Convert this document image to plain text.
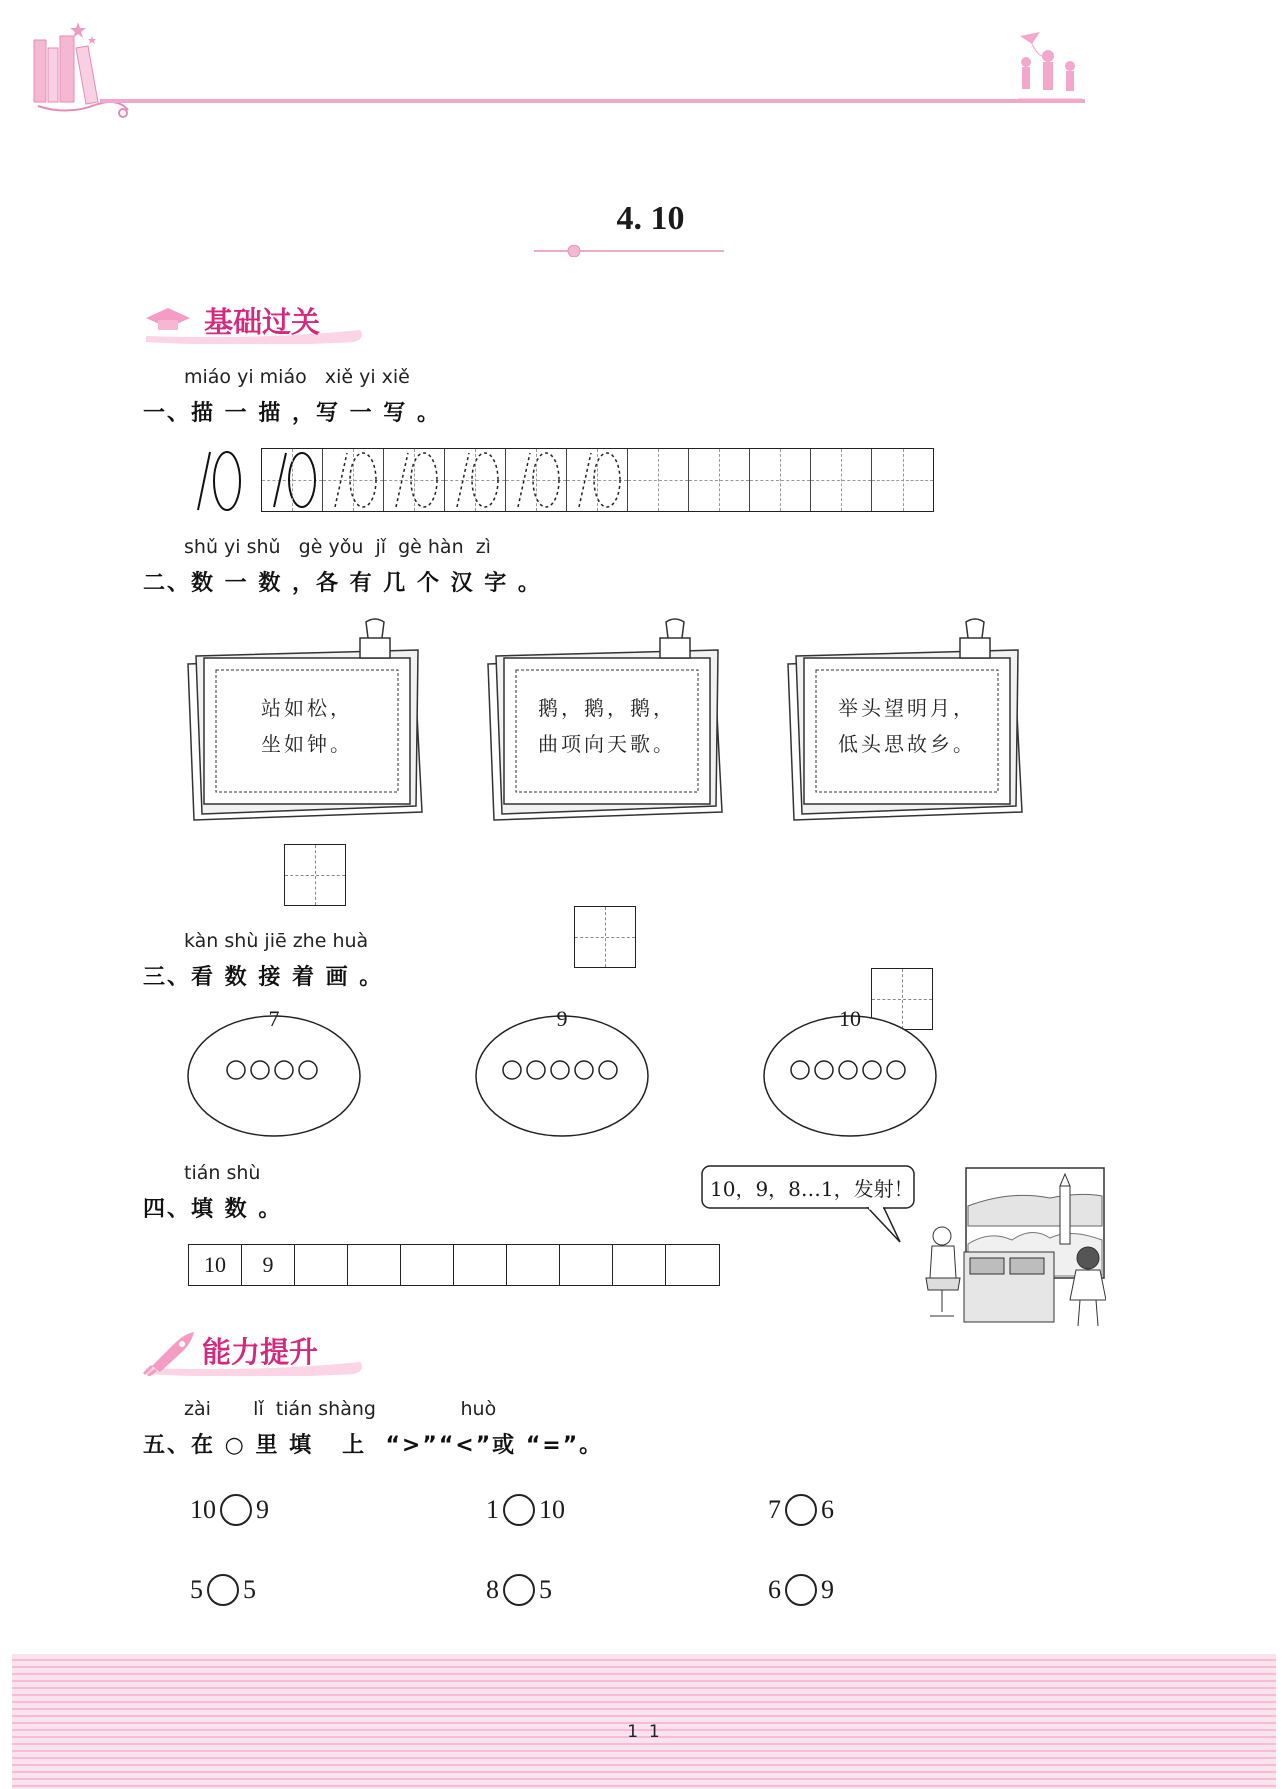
4. 10
基础过关
miáo yi miáo   xiě yi xiě
一、描 一 描 ，写 一 写 。
shǔ yi shǔ   gè yǒu  jǐ  gè hàn  zì
二、数 一 数 ，各 有 几 个 汉 字 。
站如松，
坐如钟。
鹅，鹅，鹅，
曲项向天歌。
举头望明月，
低头思故乡。
kàn shù jiē zhe huà
三、看 数 接 着 画 。
7	9	10
tián shù
四、填 数 。
10	9
10，9，8…1，发射！
能力提升
zài       lǐ  tián shàng              huò
五、在 ○ 里 填   上  “>”“<”或 “=”。
10 9	1 10	7 6
5 5	8 5	6 9
1  1
